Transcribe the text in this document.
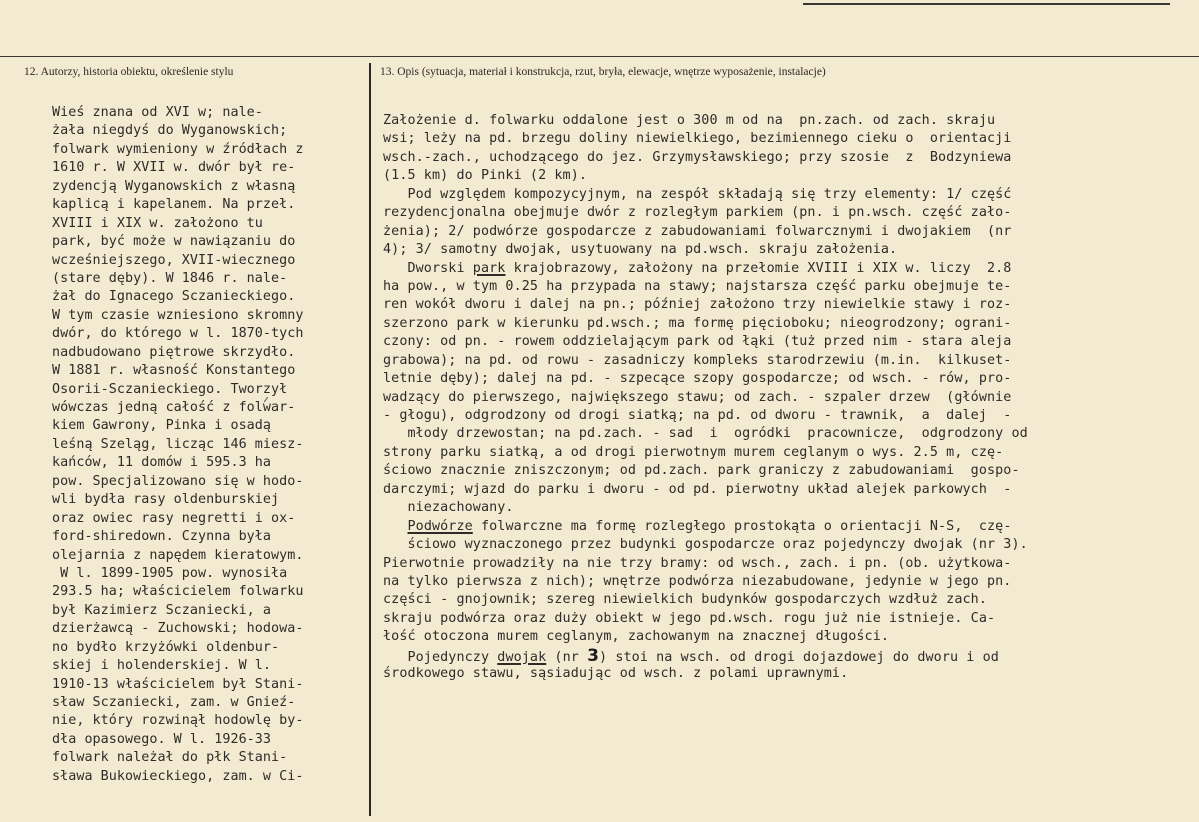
12. Autorzy, historia obiektu, określenie stylu	13. Opis (sytuacja, materiał i konstrukcja, rzut, bryła, elewacje, wnętrze wyposażenie, instalacje)
Wieś znana od XVI w; nale-
żała niegdyś do Wyganowskich;
folwark wymieniony w źródłach z
1610 r. W XVII w. dwór był re-
zydencją Wyganowskich z własną
kaplicą i kapelanem. Na przeł.
XVIII i XIX w. założono tu
park, być może w nawiązaniu do
wcześniejszego, XVII-wiecznego
(stare dęby). W 1846 r. nale-
żał do Ignacego Sczanieckiego.
W tym czasie wzniesiono skromny
dwór, do którego w l. 1870-tych
nadbudowano piętrowe skrzydło.
W 1881 r. własność Konstantego
Osorii-Sczanieckiego. Tworzył
wówczas jedną całość z folwar-
kiem Gawrony, Pinka i osadą
leśną Szeląg, licząc 146 miesz-
kańców, 11 domów i 595.3 ha
pow. Specjalizowano się w hodo-
wli bydła rasy oldenburskiej
oraz owiec rasy negretti i ox-
ford-shiredown. Czynna była
olejarnia z napędem kieratowym.
W l. 1899-1905 pow. wynosiła
293.5 ha; właścicielem folwarku
był Kazimierz Sczaniecki, a
dzierżawcą - Zuchowski; hodowa-
no bydło krzyżówki oldenbur-
skiej i holenderskiej. W l.
1910-13 właścicielem był Stani-
sław Sczaniecki, zam. w Gnieź-
nie, który rozwinął hodowlę by-
dła opasowego. W l. 1926-33
folwark należał do płk Stani-
sława Bukowieckiego, zam. w Ci-
Założenie d. folwarku oddalone jest o 300 m od na  pn.zach. od zach. skraju
wsi; leży na pd. brzegu doliny niewielkiego, bezimiennego cieku o  orientacji
wsch.-zach., uchodzącego do jez. Grzymysławskiego; przy szosie  z  Bodzyniewa
(1.5 km) do Pinki (2 km).
Pod względem kompozycyjnym, na zespół składają się trzy elementy: 1/ część
rezydencjonalna obejmuje dwór z rozległym parkiem (pn. i pn.wsch. część zało-
żenia); 2/ podwórze gospodarcze z zabudowaniami folwarcznymi i dwojakiem  (nr
4); 3/ samotny dwojak, usytuowany na pd.wsch. skraju założenia.
Dworski park krajobrazowy, założony na przełomie XVIII i XIX w. liczy  2.8
ha pow., w tym 0.25 ha przypada na stawy; najstarsza część parku obejmuje te-
ren wokół dworu i dalej na pn.; później założono trzy niewielkie stawy i roz-
szerzono park w kierunku pd.wsch.; ma formę pięcioboku; nieogrodzony; ograni-
czony: od pn. - rowem oddzielającym park od łąki (tuż przed nim - stara aleja
grabowa); na pd. od rowu - zasadniczy kompleks starodrzewiu (m.in.  kilkuset-
letnie dęby); dalej na pd. - szpecące szopy gospodarcze; od wsch. - rów, pro-
wadzący do pierwszego, największego stawu; od zach. - szpaler drzew  (głównie
- głogu), odgrodzony od drogi siatką; na pd. od dworu - trawnik,  a  dalej  -
młody drzewostan; na pd.zach. - sad  i  ogródki  pracownicze,  odgrodzony od
strony parku siatką, a od drogi pierwotnym murem ceglanym o wys. 2.5 m, czę-
ściowo znacznie zniszczonym; od pd.zach. park graniczy z zabudowaniami  gospo-
darczymi; wjazd do parku i dworu - od pd. pierwotny układ alejek parkowych  -
niezachowany.
Podwórze folwarczne ma formę rozległego prostokąta o orientacji N-S,  czę-
ściowo wyznaczonego przez budynki gospodarcze oraz pojedynczy dwojak (nr 3).
Pierwotnie prowadziły na nie trzy bramy: od wsch., zach. i pn. (ob. użytkowa-
na tylko pierwsza z nich); wnętrze podwórza niezabudowane, jedynie w jego pn.
części - gnojownik; szereg niewielkich budynków gospodarczych wzdłuż zach.
skraju podwórza oraz duży obiekt w jego pd.wsch. rogu już nie istnieje. Ca-
łość otoczona murem ceglanym, zachowanym na znacznej długości.
Pojedynczy dwojak (nr 3) stoi na wsch. od drogi dojazdowej do dworu i od
środkowego stawu, sąsiadując od wsch. z polami uprawnymi.
